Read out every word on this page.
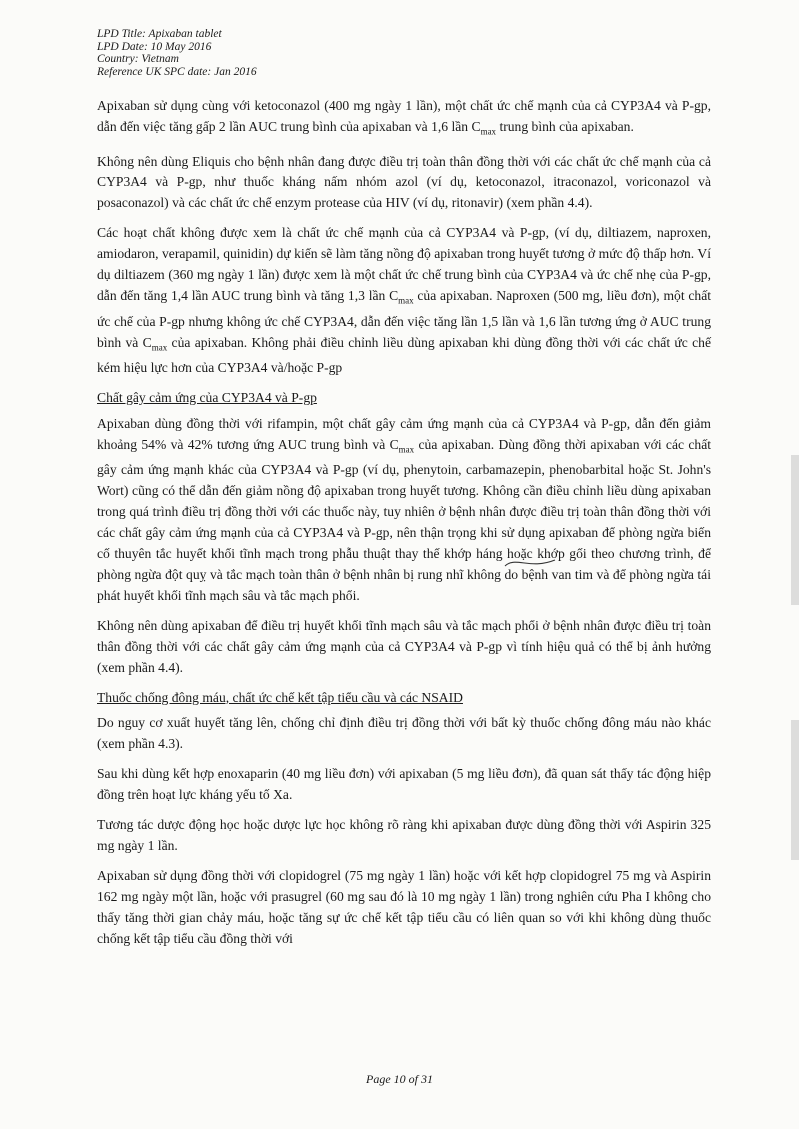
LPD Title: Apixaban tablet
LPD Date: 10 May 2016
Country: Vietnam
Reference UK SPC date: Jan 2016

Apixaban sử dụng cùng với ketoconazol (400 mg ngày 1 lần), một chất ức chế mạnh của cả CYP3A4 và P-gp, dẫn đến việc tăng gấp 2 lần AUC trung bình của apixaban và 1,6 lần $C_{max}$ trung bình của apixaban.

Không nên dùng Eliquis cho bệnh nhân đang được điều trị toàn thân đồng thời với các chất ức chế mạnh của cả CYP3A4 và P-gp, như thuốc kháng nấm nhóm azol (ví dụ, ketoconazol, itraconazol, voriconazol và posaconazol) và các chất ức chế enzym protease của HIV (ví dụ, ritonavir) (xem phần 4.4).

Các hoạt chất không được xem là chất ức chế mạnh của cả CYP3A4 và P-gp, (ví dụ, diltiazem, naproxen, amiodaron, verapamil, quinidin) dự kiến sẽ làm tăng nồng độ apixaban trong huyết tương ở mức độ thấp hơn. Ví dụ diltiazem (360 mg ngày 1 lần) được xem là một chất ức chế trung bình của CYP3A4 và ức chế nhẹ của P-gp, dẫn đến tăng 1,4 lần AUC trung bình và tăng 1,3 lần $C_{max}$ của apixaban. Naproxen (500 mg, liều đơn), một chất ức chế của P-gp nhưng không ức chế CYP3A4, dẫn đến việc tăng lần 1,5 lần và 1,6 lần tương ứng ở AUC trung bình và $C_{max}$ của apixaban. Không phải điều chỉnh liều dùng apixaban khi dùng đồng thời với các chất ức chế kém hiệu lực hơn của CYP3A4 và/hoặc P-gp

Chất gây cảm ứng của CYP3A4 và P-gp

Apixaban dùng đồng thời với rifampin, một chất gây cảm ứng mạnh của cả CYP3A4 và P-gp, dẫn đến giảm khoảng 54% và 42% tương ứng AUC trung bình và $C_{max}$ của apixaban. Dùng đồng thời apixaban với các chất gây cảm ứng mạnh khác của CYP3A4 và P-gp (ví dụ, phenytoin, carbamazepin, phenobarbital hoặc St. John's Wort) cũng có thể dẫn đến giảm nồng độ apixaban trong huyết tương. Không cần điều chỉnh liều dùng apixaban trong quá trình điều trị đồng thời với các thuốc này, tuy nhiên ở bệnh nhân được điều trị toàn thân đồng thời với các chất gây cảm ứng mạnh của cả CYP3A4 và P-gp, nên thận trọng khi sử dụng apixaban để phòng ngừa biến cố thuyên tắc huyết khối tĩnh mạch trong phẫu thuật thay thế khớp háng hoặc khớp gối theo chương trình, để phòng ngừa đột quỵ và tắc mạch toàn thân ở bệnh nhân bị rung nhĩ không do bệnh van tim và để phòng ngừa tái phát huyết khối tĩnh mạch sâu và tắc mạch phổi.

Không nên dùng apixaban để điều trị huyết khối tĩnh mạch sâu và tắc mạch phổi ở bệnh nhân được điều trị toàn thân đồng thời với các chất gây cảm ứng mạnh của cả CYP3A4 và P-gp vì tính hiệu quả có thể bị ảnh hưởng (xem phần 4.4).

Thuốc chống đông máu, chất ức chế kết tập tiểu cầu và các NSAID

Do nguy cơ xuất huyết tăng lên, chống chỉ định điều trị đồng thời với bất kỳ thuốc chống đông máu nào khác (xem phần 4.3).

Sau khi dùng kết hợp enoxaparin (40 mg liều đơn) với apixaban (5 mg liều đơn), đã quan sát thấy tác động hiệp đồng trên hoạt lực kháng yếu tố Xa.

Tương tác dược động học hoặc dược lực học không rõ ràng khi apixaban được dùng đồng thời với Aspirin 325 mg ngày 1 lần.

Apixaban sử dụng đồng thời với clopidogrel (75 mg ngày 1 lần) hoặc với kết hợp clopidogrel 75 mg và Aspirin 162 mg ngày một lần, hoặc với prasugrel (60 mg sau đó là 10 mg ngày 1 lần) trong nghiên cứu Pha I không cho thấy tăng thời gian chảy máu, hoặc tăng sự ức chế kết tập tiểu cầu có liên quan so với khi không dùng thuốc chống kết tập tiểu cầu đồng thời với

Page 10 of 31
